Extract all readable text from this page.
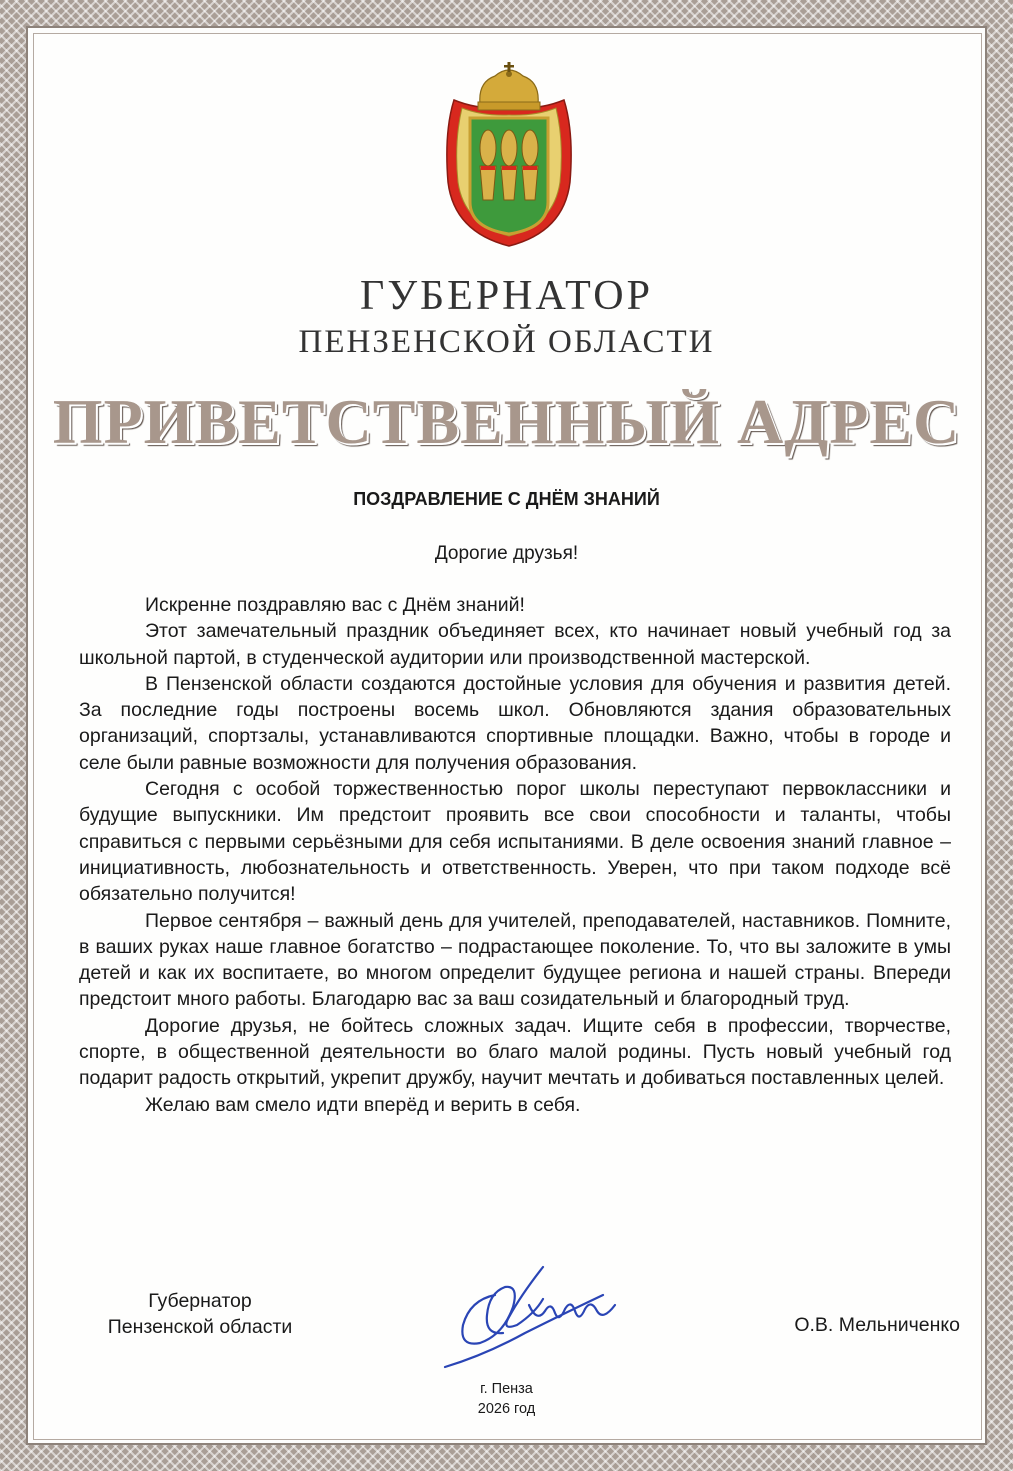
ГУБЕРНАТОР
ПЕНЗЕНСКОЙ ОБЛАСТИ
ПРИВЕТСТВЕННЫЙ АДРЕС
ПОЗДРАВЛЕНИЕ С ДНЁМ ЗНАНИЙ
Дорогие друзья!

Искренне поздравляю вас с Днём знаний!

Этот замечательный праздник объединяет всех, кто начинает новый учебный год за школьной партой, в студенческой аудитории или производственной мастерской.

В Пензенской области создаются достойные условия для обучения и развития детей. За последние годы построены восемь школ. Обновляются здания образовательных организаций, спортзалы, устанавливаются спортивные площадки. Важно, чтобы в городе и селе были равные возможности для получения образования.

Сегодня с особой торжественностью порог школы переступают первоклассники и будущие выпускники. Им предстоит проявить все свои способности и таланты, чтобы справиться с первыми серьёзными для себя испытаниями. В деле освоения знаний главное – инициативность, любознательность и ответственность. Уверен, что при таком подходе всё обязательно получится!

Первое сентября – важный день для учителей, преподавателей, наставников. Помните, в ваших руках наше главное богатство – подрастающее поколение. То, что вы заложите в умы детей и как их воспитаете, во многом определит будущее региона и нашей страны. Впереди предстоит много работы. Благодарю вас за ваш созидательный и благородный труд.

Дорогие друзья, не бойтесь сложных задач. Ищите себя в профессии, творчестве, спорте, в общественной деятельности во благо малой родины. Пусть новый учебный год подарит радость открытий, укрепит дружбу, научит мечтать и добиваться поставленных целей.

Желаю вам смело идти вперёд и верить в себя.

Губернатор
Пензенской области	О.В. Мельниченко
г. Пенза
2026 год
